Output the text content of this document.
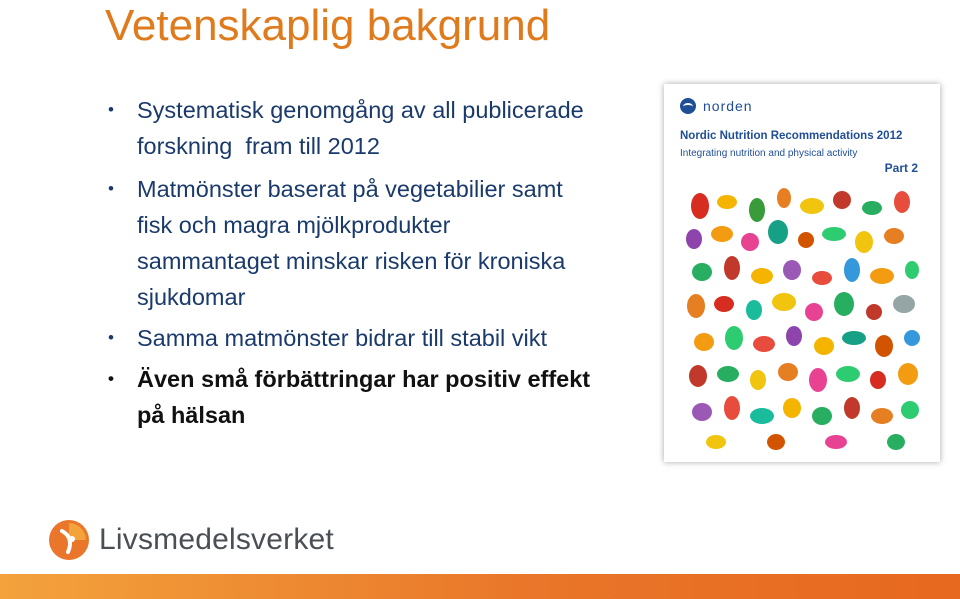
Vetenskaplig bakgrund
• Systematisk genomgång av all publicerade
forskning  fram till 2012
• Matmönster baserat på vegetabilier samt
fisk och magra mjölkprodukter
sammantaget minskar risken för kroniska
sjukdomar
• Samma matmönster bidrar till stabil vikt
• Även små förbättringar har positiv effekt
på hälsan
norden
Nordic Nutrition Recommendations 2012
Integrating nutrition and physical activity
Part 2
Livsmedelsverket
